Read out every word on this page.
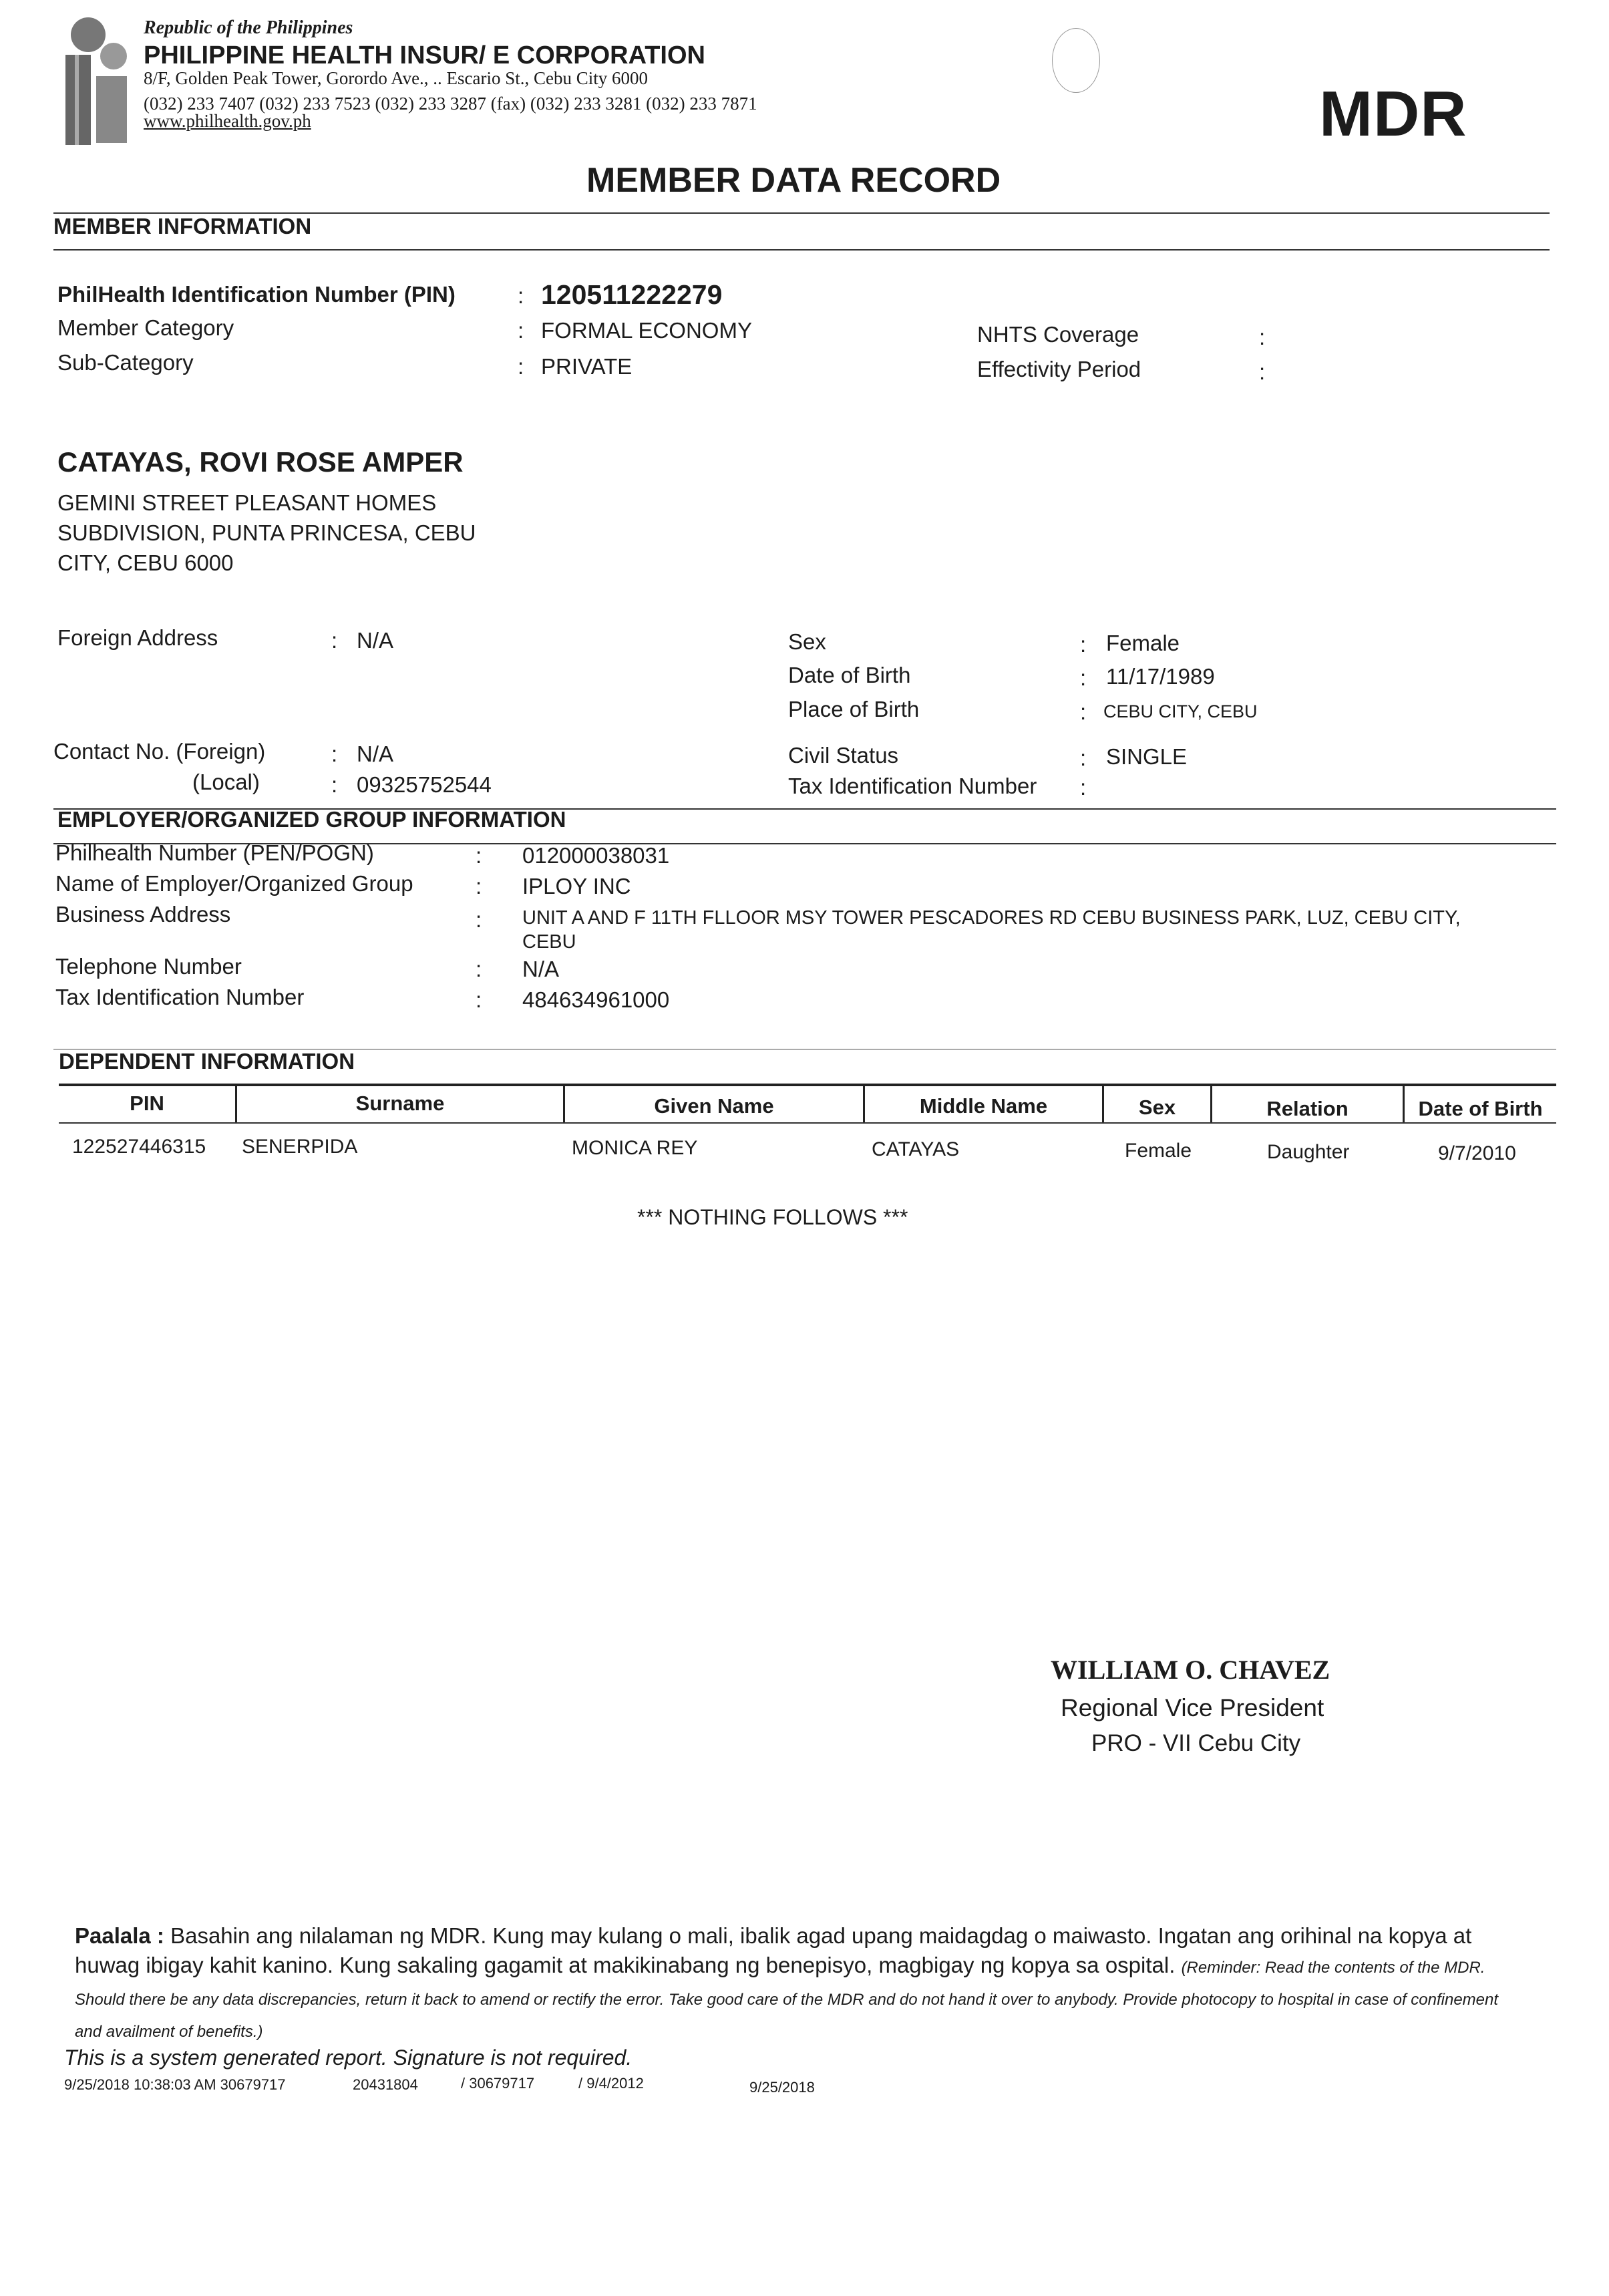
Republic of the Philippines
PHILIPPINE HEALTH INSUR/ E CORPORATION
8/F, Golden Peak Tower, Gorordo Ave., .. Escario St., Cebu City 6000
(032) 233 7407 (032) 233 7523 (032) 233 3287 (fax) (032) 233 3281 (032) 233 7871
www.philhealth.gov.ph	MDR
MEMBER DATA RECORD
MEMBER INFORMATION
PhilHealth Identification Number (PIN)	: 120511222279
Member Category	: FORMAL ECONOMY
Sub-Category	: PRIVATE
NHTS Coverage	:
Effectivity Period	:
CATAYAS, ROVI ROSE AMPER
GEMINI STREET PLEASANT HOMES
SUBDIVISION, PUNTA PRINCESA, CEBU
CITY, CEBU 6000
Foreign Address	: N/A	Sex	: Female
Date of Birth	: 11/17/1989
Place of Birth	: CEBU CITY, CEBU
Contact No. (Foreign)	: N/A
(Local)	: 09325752544
Civil Status	: SINGLE
Tax Identification Number :
EMPLOYER/ORGANIZED GROUP INFORMATION
Philhealth Number (PEN/POGN)	: 012000038031
Name of Employer/Organized Group	: IPLOY INC
Business Address	: UNIT A AND F 11TH FLLOOR MSY TOWER PESCADORES RD CEBU BUSINESS PARK, LUZ, CEBU CITY,
CEBU
Telephone Number	: N/A
Tax Identification Number	: 484634961000
DEPENDENT INFORMATION
PIN	Surname	Given Name	Middle Name	Sex	Relation	Date of Birth
122527446315 SENERPIDA	MONICA REY	CATAYAS	Female	Daughter	9/7/2010
*** NOTHING FOLLOWS ***
WILLIAM O. CHAVEZ
Regional Vice President
PRO - VII Cebu City
Paalala : Basahin ang nilalaman ng MDR. Kung may kulang o mali, ibalik agad upang maidagdag o maiwasto. Ingatan ang orihinal na kopya at huwag ibigay kahit kanino. Kung sakaling gagamit at makikinabang ng benepisyo, magbigay ng kopya sa ospital. (Reminder: Read the contents of the MDR. Should there be any data discrepancies, return it back to amend or rectify the error. Take good care of the MDR and do not hand it over to anybody. Provide photocopy to hospital in case of confinement and availment of benefits.)
This is a system generated report. Signature is not required.
9/25/2018 10:38:03 AM 30679717	20431804	/ 30679717	/ 9/4/2012	9/25/2018
